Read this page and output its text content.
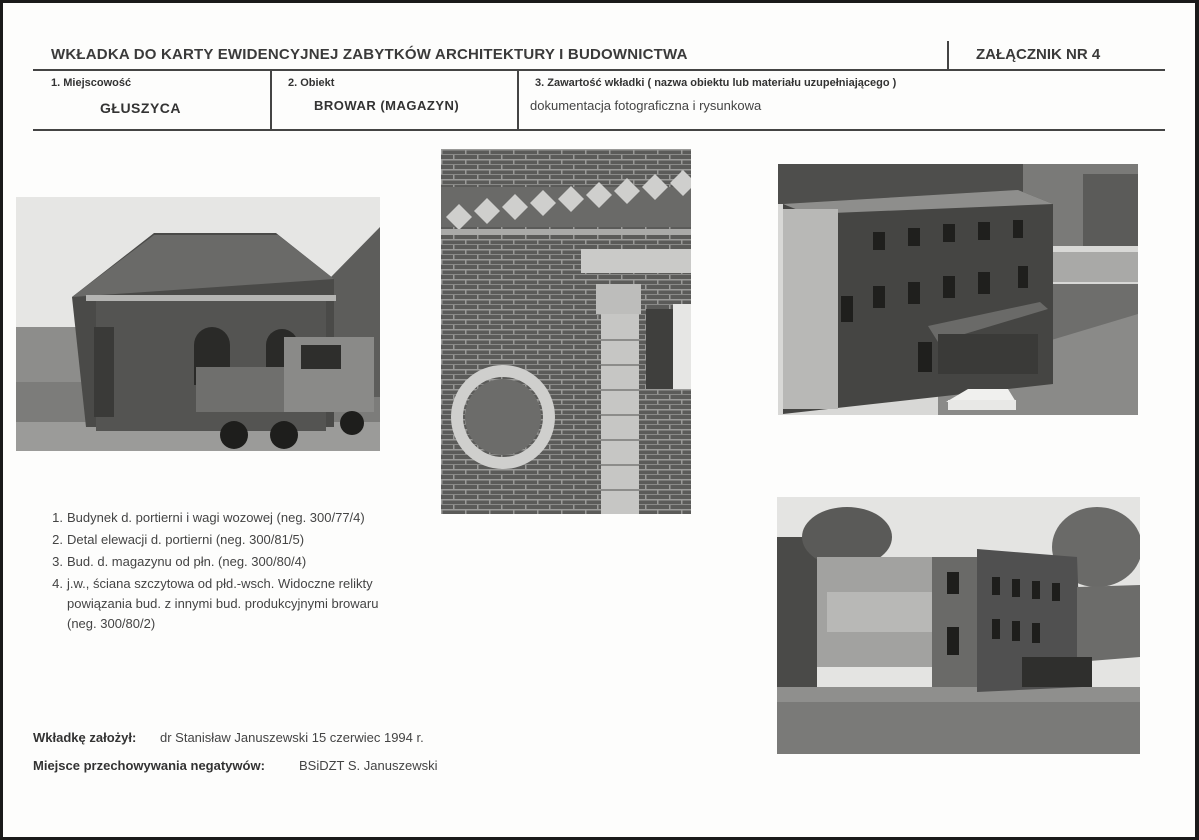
WKŁADKA DO KARTY EWIDENCYJNEJ ZABYTKÓW ARCHITEKTURY I BUDOWNICTWA	ZAŁĄCZNIK NR 4
1. Miejscowość
GŁUSZYCA
2. Obiekt
BROWAR (MAGAZYN)
3. Zawartość wkładki ( nazwa obiektu lub materiału uzupełniającego )
dokumentacja fotograficzna i rysunkowa
1. Budynek d. portierni i wagi wozowej (neg. 300/77/4)
2. Detal elewacji d. portierni (neg. 300/81/5)
3. Bud. d. magazynu od płn. (neg. 300/80/4)
4. j.w., ściana szczytowa od płd.-wsch. Widoczne relikty powiązania bud. z innymi bud. produkcyjnymi browaru (neg. 300/80/2)
Wkładkę założył: dr Stanisław Januszewski 15 czerwiec 1994 r.
Miejsce przechowywania negatywów:	BSiDZT S. Januszewski
